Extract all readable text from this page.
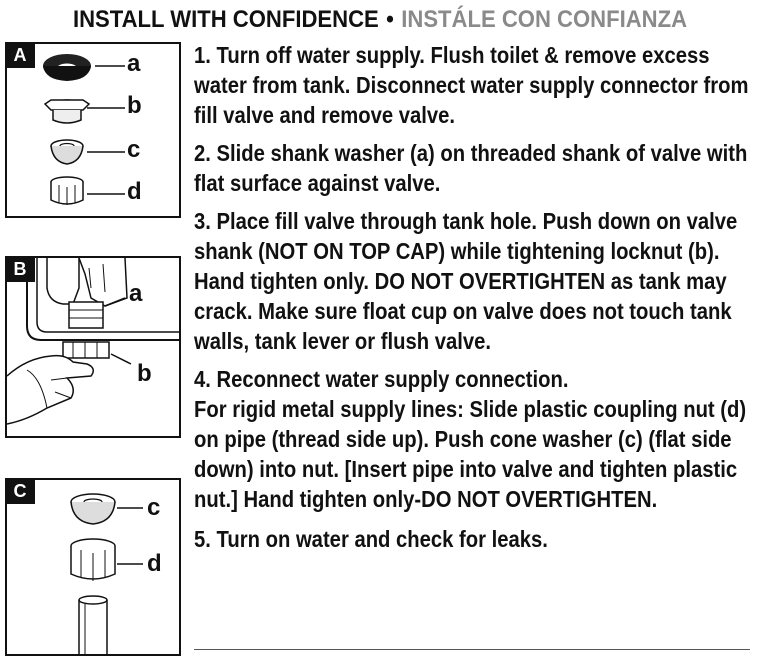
INSTALL WITH CONFIDENCE • INSTÁLE CON CONFIANZA
A	a
b
c
d
B
a
b
C
c
d

1. Turn off water supply. Flush toilet & remove excess water from tank. Disconnect water supply connector from fill valve and remove valve.

2. Slide shank washer (a) on threaded shank of valve with flat surface against valve.

3. Place fill valve through tank hole. Push down on valve shank (NOT ON TOP CAP) while tightening locknut (b). Hand tighten only. DO NOT OVERTIGHTEN as tank may crack. Make sure float cup on valve does not touch tank walls, tank lever or flush valve.

4. Reconnect water supply connection.

For rigid metal supply lines: Slide plastic coupling nut (d) on pipe (thread side up). Push cone washer (c) (flat side down) into nut. [Insert pipe into valve and tighten plastic nut.] Hand tighten only-DO NOT OVERTIGHTEN.

5. Turn on water and check for leaks.
